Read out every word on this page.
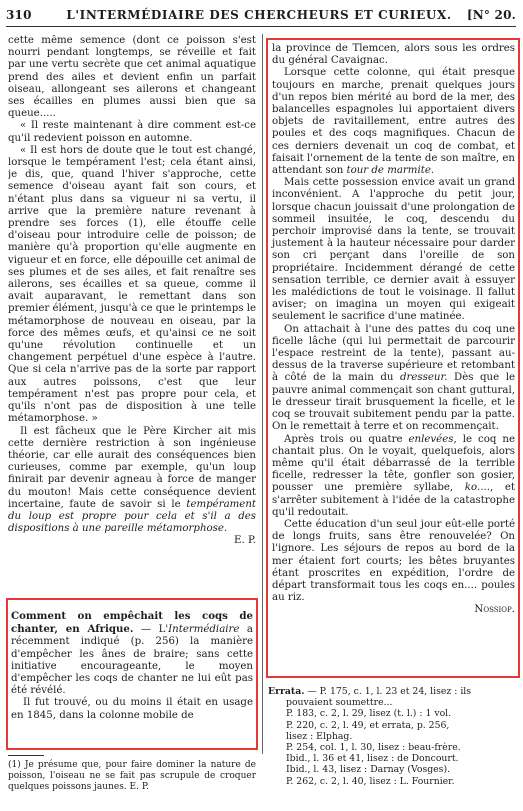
310	L'INTERMÉDIAIRE DES CHERCHEURS ET CURIEUX.	[N° 20.

cette même semence (dont ce poisson s'est nourri pendant longtemps, se réveille et fait par une vertu secrète que cet animal aquatique prend des ailes et devient enfin un parfait oiseau, allongeant ses ailerons et changeant ses écailles en plumes aussi bien que sa queue.....

« Il reste maintenant à dire comment est-ce qu'il redevient poisson en automne.

« Il est hors de doute que le tout est changé, lorsque le tempérament l'est; cela étant ainsi, je dis, que, quand l'hiver s'approche, cette semence d'oiseau ayant fait son cours, et n'étant plus dans sa vigueur ni sa vertu, il arrive que la première nature revenant à prendre ses forces (1), elle étouffe celle d'oiseau pour introduire celle de poisson; de manière qu'à proportion qu'elle augmente en vigueur et en force, elle dépouille cet animal de ses plumes et de ses ailes, et fait renaître ses ailerons, ses écailles et sa queue, comme il avait auparavant, le remettant dans son premier élément, jusqu'à ce que le printemps le métamorphose de nouveau en oiseau, par la force des mêmes œufs, et qu'ainsi ce ne soit qu'une révolution continuelle et un changement perpétuel d'une espèce à l'autre. Que si cela n'arrive pas de la sorte par rapport aux autres poissons, c'est que leur tempérament n'est pas propre pour cela, et qu'ils n'ont pas de disposition à une telle métamorphose. »

Il est fâcheux que le Père Kircher ait mis cette dernière restriction à son ingénieuse théorie, car elle aurait des conséquences bien curieuses, comme par exemple, qu'un loup finirait par devenir agneau à force de manger du mouton! Mais cette conséquence devient incertaine, faute de savoir si le tempérament du loup est propre pour cela et s'il a des dispositions à une pareille métamorphose.
E. P.

Comment on empêchait les coqs de chanter, en Afrique. — L'Intermédiaire a récemment indiqué (p. 256) la manière d'empêcher les ânes de braire; sans cette initiative encourageante, le moyen d'empêcher les coqs de chanter ne lui eût pas été révélé.

Il fut trouvé, ou du moins il était en usage en 1845, dans la colonne mobile de

(1) Je présume que, pour faire dominer la nature de poisson, l'oiseau ne se fait pas scrupule de croquer quelques poissons jaunes. E. P.

la province de Tlemcen, alors sous les ordres du général Cavaignac.

Lorsque cette colonne, qui était presque toujours en marche, prenait quelques jours d'un repos bien mérité au bord de la mer, des balancelles espagnoles lui apportaient divers objets de ravitaillement, entre autres des poules et des coqs magnifiques. Chacun de ces derniers devenait un coq de combat, et faisait l'ornement de la tente de son maître, en attendant son tour de marmite.

Mais cette possession envice avait un grand inconvénient. A l'approche du petit jour, lorsque chacun jouissait d'une prolongation de sommeil insuitée, le coq, descendu du perchoir improvisé dans la tente, se trouvait justement à la hauteur nécessaire pour darder son cri perçant dans l'oreille de son propriétaire. Incidemment dérangé de cette sensation terrible, ce dernier avait à essuyer les malédictions de tout le voisinage. Il fallut aviser; on imagina un moyen qui exigeait seulement le sacrifice d'une matinée.

On attachait à l'une des pattes du coq une ficelle lâche (qui lui permettait de parcourir l'espace restreint de la tente), passant au-dessus de la traverse supérieure et retombant à côté de la main du dresseur. Dès que le pauvre animal commençait son chant guttural, le dresseur tirait brusquement la ficelle, et le coq se trouvait subitement pendu par la patte. On le remettait à terre et on recommençait.

Après trois ou quatre enlevées, le coq ne chantait plus. On le voyait, quelquefois, alors même qu'il était débarrassé de la terrible ficelle, redresser la tête, gonfler son gosier, pousser une première syllabe, ko...., et s'arrêter subitement à l'idée de la catastrophe qu'il redoutait.

Cette éducation d'un seul jour eût-elle porté de longs fruits, sans être renouvelée? On l'ignore. Les séjours de repos au bord de la mer étaient fort courts; les bêtes bruyantes étant proscrites en expédition, l'ordre de départ transformait tous les coqs en.... poules au riz.
Nossiop.

Errata. — P. 175, c. 1, l. 23 et 24, lisez : ils
pouvaient soumettre...
P. 183, c. 2, l. 29, lisez (t. l.) : 1 vol.
P. 220, c. 2, l. 49, et errata, p. 256,
lisez : Elphag.
P. 254, col. 1, l. 30, lisez : beau-frère.
Ibid., l. 36 et 41, lisez : de Doncourt.
Ibid., l. 43, lisez : Darnay (Vosges).
P. 262, c. 2, l. 40, lisez : L. Fournier.
